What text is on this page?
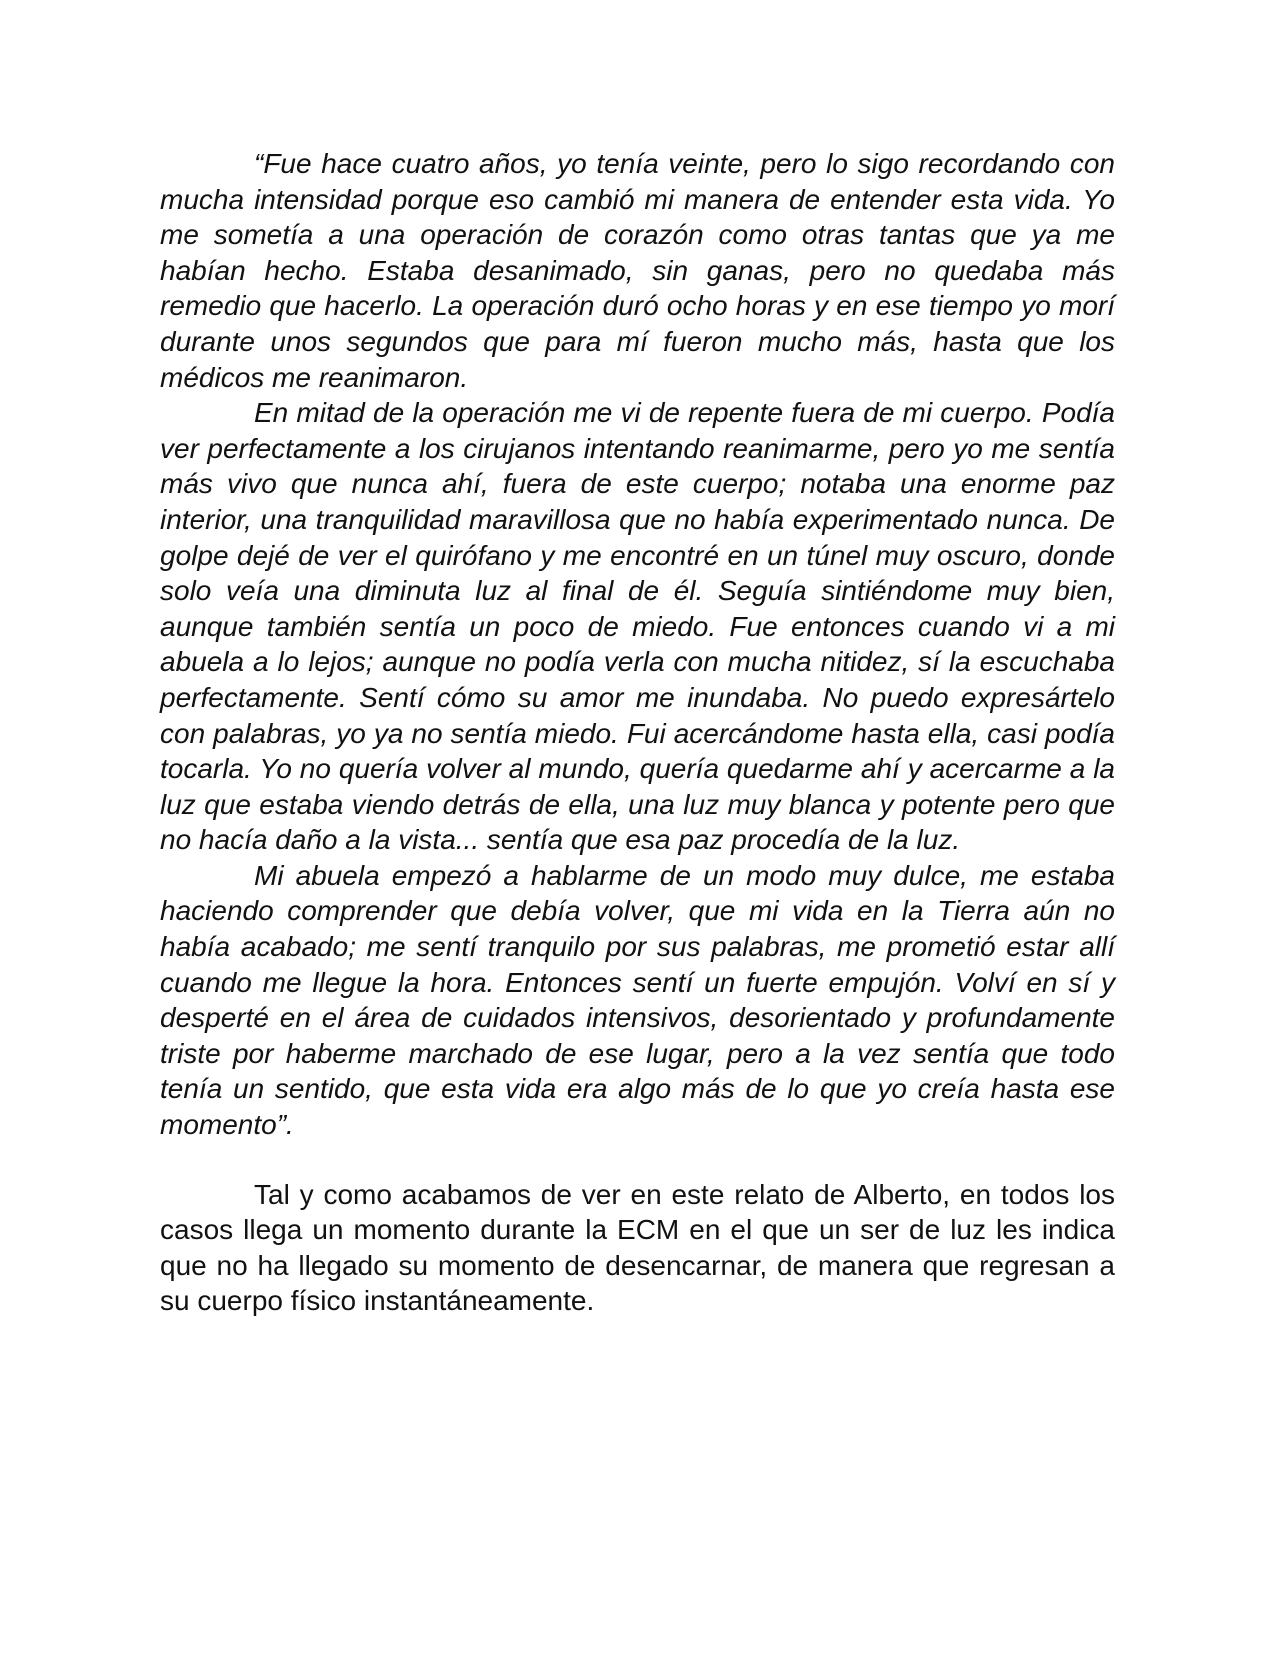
“Fue hace cuatro años, yo tenía veinte, pero lo sigo recordando con mucha intensidad porque eso cambió mi manera de entender esta vida. Yo me sometía a una operación de corazón como otras tantas que ya me habían hecho. Estaba desanimado, sin ganas, pero no quedaba más remedio que hacerlo. La operación duró ocho horas y en ese tiempo yo morí durante unos segundos que para mí fueron mucho más, hasta que los médicos me reanimaron.

En mitad de la operación me vi de repente fuera de mi cuerpo. Podía ver perfectamente a los cirujanos intentando reanimarme, pero yo me sentía más vivo que nunca ahí, fuera de este cuerpo; notaba una enorme paz interior, una tranquilidad maravillosa que no había experimentado nunca. De golpe dejé de ver el quirófano y me encontré en un túnel muy oscuro, donde solo veía una diminuta luz al final de él. Seguía sintiéndome muy bien, aunque también sentía un poco de miedo. Fue entonces cuando vi a mi abuela a lo lejos; aunque no podía verla con mucha nitidez, sí la escuchaba perfectamente. Sentí cómo su amor me inundaba. No puedo expresártelo con palabras, yo ya no sentía miedo. Fui acercándome hasta ella, casi podía tocarla. Yo no quería volver al mundo, quería quedarme ahí y acercarme a la luz que estaba viendo detrás de ella, una luz muy blanca y potente pero que no hacía daño a la vista... sentía que esa paz procedía de la luz.

Mi abuela empezó a hablarme de un modo muy dulce, me estaba haciendo comprender que debía volver, que mi vida en la Tierra aún no había acabado; me sentí tranquilo por sus palabras, me prometió estar allí cuando me llegue la hora. Entonces sentí un fuerte empujón. Volví en sí y desperté en el área de cuidados intensivos, desorientado y profundamente triste por haberme marchado de ese lugar, pero a la vez sentía que todo tenía un sentido, que esta vida era algo más de lo que yo creía hasta ese momento”.

Tal y como acabamos de ver en este relato de Alberto, en todos los casos llega un momento durante la ECM en el que un ser de luz les indica que no ha llegado su momento de desencarnar, de manera que regresan a su cuerpo físico instantáneamente.
